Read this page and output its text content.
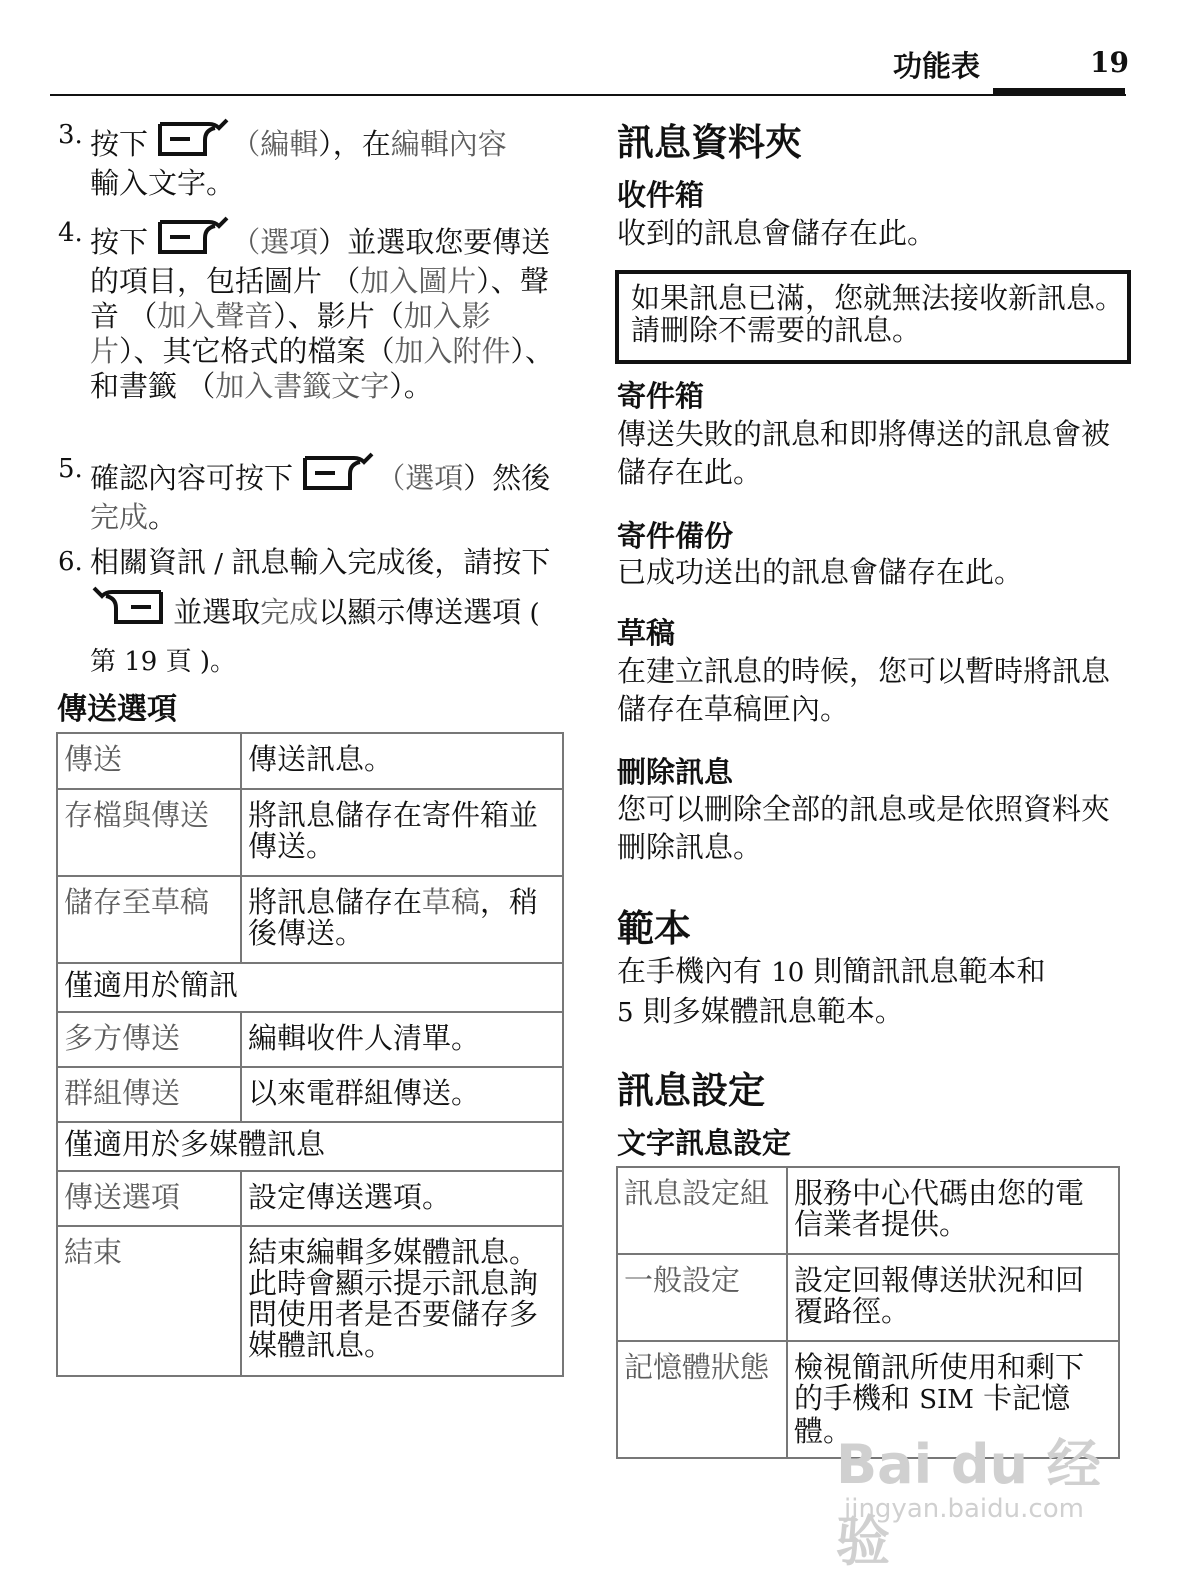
功能表	19
3. 按下	（編輯），在編輯內容
輸入文字。
4. 按下	（選項）並選取您要傳送的項目，包括圖片 （加入圖片）、聲音 （加入聲音）、影片（加入影片）、其它格式的檔案（加入附件）、和書籤 （加入書籤文字）。
5. 確認內容可按下	（選項）然後完成。
6. 相關資訊 / 訊息輸入完成後，請按下  並選取完成以顯示傳送選項 ( 第 19 頁 )。
傳送選項
傳送	傳送訊息。
存檔與傳送	將訊息儲存在寄件箱並傳送。
儲存至草稿	將訊息儲存在草稿，稍後傳送。
僅適用於簡訊	
多方傳送	編輯收件人清單。
群組傳送	以來電群組傳送。
僅適用於多媒體訊息	
傳送選項	設定傳送選項。
結束	結束編輯多媒體訊息。此時會顯示提示訊息詢問使用者是否要儲存多媒體訊息。
訊息資料夾
收件箱
收到的訊息會儲存在此。
如果訊息已滿，您就無法接收新訊息。請刪除不需要的訊息。
寄件箱
傳送失敗的訊息和即將傳送的訊息會被儲存在此。
寄件備份
已成功送出的訊息會儲存在此。
草稿
在建立訊息的時候，您可以暫時將訊息儲存在草稿匣內。
刪除訊息
您可以刪除全部的訊息或是依照資料夾刪除訊息。
範本
在手機內有 10 則簡訊訊息範本和
5 則多媒體訊息範本。
訊息設定
文字訊息設定
訊息設定組	服務中心代碼由您的電信業者提供。
一般設定	設定回報傳送狀況和回覆路徑。
記憶體狀態	檢視簡訊所使用和剩下的手機和 SIM 卡記憶體。
Bai du 经验
jingyan.baidu.com
